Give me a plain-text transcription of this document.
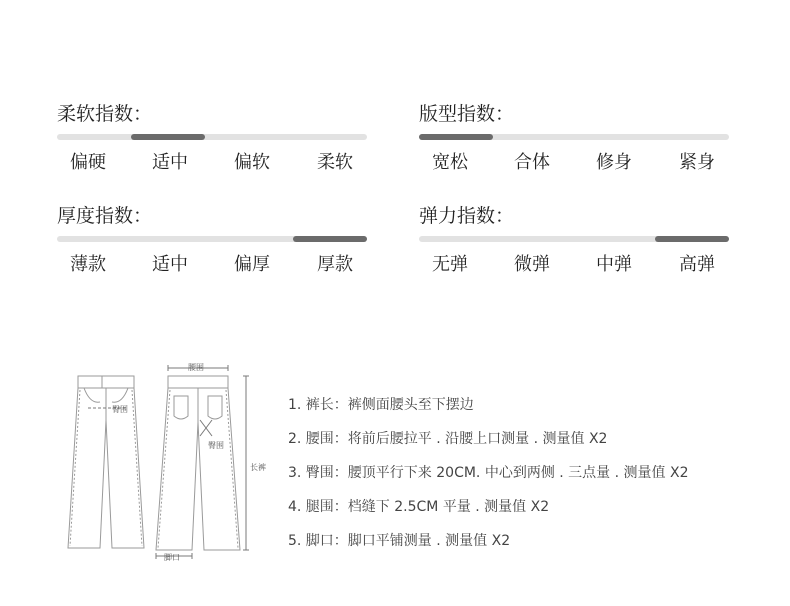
柔软指数：
偏硬	适中	偏软	柔软
版型指数：
宽松	合体	修身	紧身
厚度指数：
薄款	适中	偏厚	厚款
弹力指数：
无弹	微弹	中弹	高弹
腰围
臀围
臀围
长裤
脚口
1. 裤长：裤侧面腰头至下摆边
2. 腰围：将前后腰拉平 . 沿腰上口测量 . 测量值 X2
3. 臀围：腰顶平行下来 20CM. 中心到两侧 . 三点量 . 测量值 X2
4. 腿围：档缝下 2.5CM 平量 . 测量值 X2
5. 脚口：脚口平铺测量 . 测量值 X2
